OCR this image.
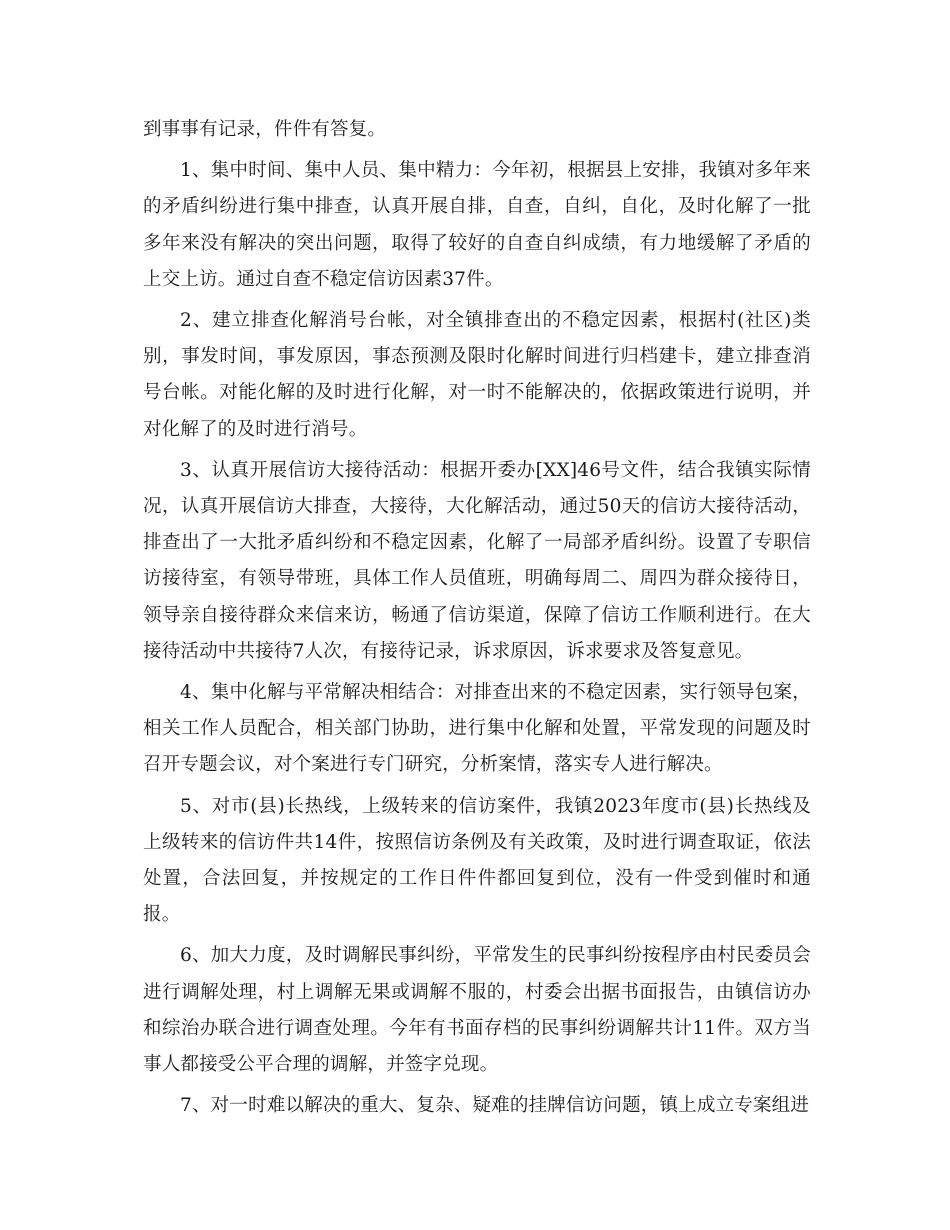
到事事有记录，件件有答复。

1、集中时间、集中人员、集中精力：今年初，根据县上安排，我镇对多年来的矛盾纠纷进行集中排查，认真开展自排，自查，自纠，自化，及时化解了一批多年来没有解决的突出问题，取得了较好的自查自纠成绩，有力地缓解了矛盾的上交上访。通过自查不稳定信访因素37件。

2、建立排查化解消号台帐，对全镇排查出的不稳定因素，根据村(社区)类别，事发时间，事发原因，事态预测及限时化解时间进行归档建卡，建立排查消号台帐。对能化解的及时进行化解，对一时不能解决的，依据政策进行说明，并对化解了的及时进行消号。

3、认真开展信访大接待活动：根据开委办[XX]46号文件，结合我镇实际情况，认真开展信访大排查，大接待，大化解活动，通过50天的信访大接待活动，排查出了一大批矛盾纠纷和不稳定因素，化解了一局部矛盾纠纷。设置了专职信访接待室，有领导带班，具体工作人员值班，明确每周二、周四为群众接待日，领导亲自接待群众来信来访，畅通了信访渠道，保障了信访工作顺利进行。在大接待活动中共接待7人次，有接待记录，诉求原因，诉求要求及答复意见。

4、集中化解与平常解决相结合：对排查出来的不稳定因素，实行领导包案，相关工作人员配合，相关部门协助，进行集中化解和处置，平常发现的问题及时召开专题会议，对个案进行专门研究，分析案情，落实专人进行解决。

5、对市(县)长热线，上级转来的信访案件，我镇2023年度市(县)长热线及上级转来的信访件共14件，按照信访条例及有关政策，及时进行调查取证，依法处置，合法回复，并按规定的工作日件件都回复到位，没有一件受到催时和通报。

6、加大力度，及时调解民事纠纷，平常发生的民事纠纷按程序由村民委员会进行调解处理，村上调解无果或调解不服的，村委会出据书面报告，由镇信访办和综治办联合进行调查处理。今年有书面存档的民事纠纷调解共计11件。双方当事人都接受公平合理的调解，并签字兑现。

7、对一时难以解决的重大、复杂、疑难的挂牌信访问题，镇上成立专案组进
